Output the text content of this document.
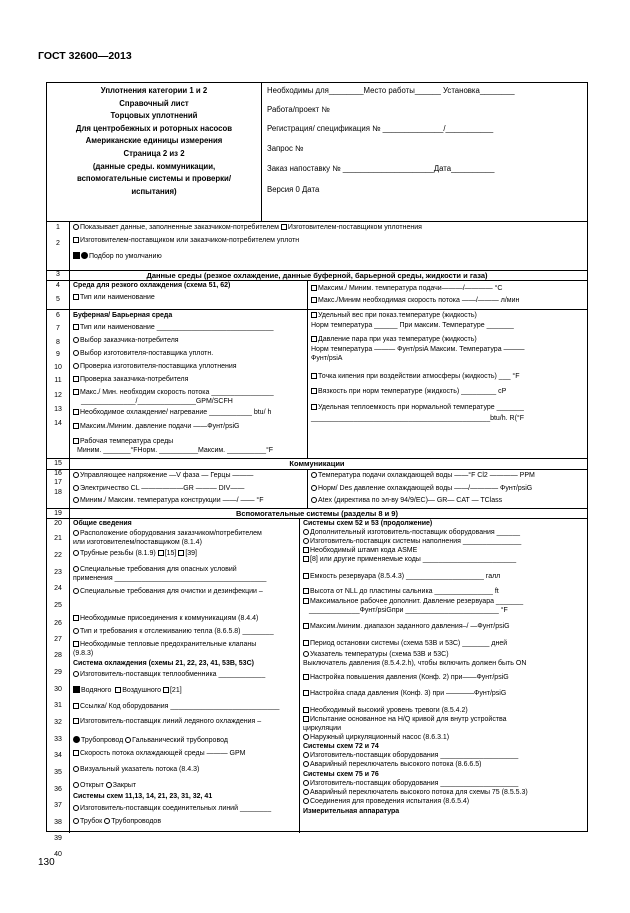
ГОСТ 32600—2013
Уплотнения категории 1 и 2
Справочный лист
Торцовых уплотнений
Для центробежных и роторных насосов
Американские единицы измерения
Страница 2 из 2
(данные среды. коммуникации,
вспомогательные системы и проверки/
испытания)
Необходимы для________Место работы______ Установка________
Работа/проект №
Регистрация/ спецификация № ______________/___________
Запрос №
Заказ напоставку № _____________________Дата__________
Версия 0 Дата
1
2
3
4
5
6
7
8
9
10
11
12
13
14
15
16
17
18
19
20
21
22
23
24
25
26
27
28
29
30
31
32
33
34
35
36
37
38
39
40
Показывает данные, заполненные заказчиком-потребителем Изготовителем-поставщиком уплотнения
Изготовителем-поставщиком или заказчиком-потребителем уплотн
Подбор по умолчанию
Данные среды (резкое охлаждение, данные буферной, барьерной среды, жидкости и газа)
Среда для резкого охлаждения (схема 51, 62)
Тип или наименование
Буферная/ Барьерная среда
Тип или наименование ______________________________
Выбор заказчика-потребителя
Выбор изготовителя-поставщика уплотн.
Проверка изготовителя-поставщика уплотнения
Проверка заказчика-потребителя
Макс./ Мин. необходим скорость потока ________________
______________/_______________GPM/SCFH
Необходимое охлаждение/ нагревание ___________ btu/ h
Максим./Миним. давление подачи ——Фунт/psiG
Рабочая температура среды
Миним. _______°FНорм. __________Максим. __________°F
Максим./ Миним. температура подачи———/———— °C
Макс./Миним необходимая скорость потока ——/——— л/мин
Удельный вес при показ.температуре (жидкость)
Норм температура ______ При максим. Температуре _______
Давление пара при указ температуре (жидкость)
Норм температура ——— Фунт/psiA Максим. Температура ———
Фунт/psiA
Точка кипения при воздействии атмосферы (жидкость) ___ °F
Вязкость при норм температуре (жидкость) _________ cP
Удельная теплоемкость при нормальной температуре _______
______________________________________________btu/h. R(°F
Коммуникации
Управляющее напряжение —V фаза — Герцы ———
Электричество CL ——————GR ——— DIV——
Миним./ Максим. температура конструкции ——/ —— °F
Температура подачи охлаждающей воды ——°F Cl2 ———— PPM
Норм/ Des давление охлаждающей воды ——/———— Фунт/psiG
Atex (директива по эл-ву 94/9/EC)— GR— CAT — TClass
Вспомогательные системы (разделы 8 и 9)
Общие сведения
Расположение оборудования заказчиком/потребителем
или изготовителем/поставщиком (8.1.4)
Трубные резьбы (8.1.9) [15] [39]
Специальные требования для опасных условий
применения _______________________________________
Специальные требования для очистки и дезинфекции –
Необходимые присоединения к коммуникациям (8.4.4)
Тип и требования к отслеживанию тепла (8.6.5.8) ________
Необходимые тепловые предохранительные клапаны
(9.8.3)
Система охлаждения (схемы 21, 22, 23, 41, 53B, 53C)
Изготовитель-поставщик теплообменника ____________
Водяного Воздушного [21]
Ссылка/ Код оборудования ____________________________
Изготовитель-поставщик линий ледяного охлаждения –
Трубопровод Гальванический трубопровод
Скорость потока охлаждающей среды ——— GPM
Визуальный указатель потока (8.4.3)
Открыт Закрыт
Системы схем 11,13, 14, 21, 23, 31, 32, 41
Изготовитель-поставщик соединительных линий ________
Трубок Трубопроводов
Системы схем 52 и 53 (продолжение)
Дополнительный изготовитель-поставщик оборудования ______
Изготовитель-поставщик системы наполнения _______________
Необходимый штамп кода ASME
[8] или другие применяемые коды ________________________
Емкость резервуара (8.5.4.3) ____________________ галл
Высота от NLL до пластины сальника _______________ ft
Максимальное рабочее дополнит. Давление резервуара _______
_____________Фунт/psiGпри ________________________ °F
Максим./миним. диапазон заданного давления–/ —Фунт/psiG
Период остановки системы (схема 53B и 53C) _______ дней
Указатель температуры (схема 53B и 53C)
Выключатель давления (8.5.4.2.h), чтобы включить должен быть ON
Настройка повышения давления (Конф. 2) при——Фунт/psiG
Настройка спада давления (Конф. 3) при ————Фунт/psiG
Необходимый высокий уровень тревоги (8.5.4.2)
Испытание основанное на H/Q кривой для внутр устройства
циркуляции
Наружный циркуляционный насос (8.6.3.1)
Системы схем 72 и 74
Изготовитель-поставщик оборудования ____________________
Аварийный переключатель высокого потока (8.6.6.5)
Системы схем 75 и 76
Изготовитель-поставщик оборудования ____________________
Аварийный переключатель высокого потока для схемы 75 (8.5.5.3)
Соединения для проведения испытания (8.6.5.4)
Измерительная аппаратура
130
